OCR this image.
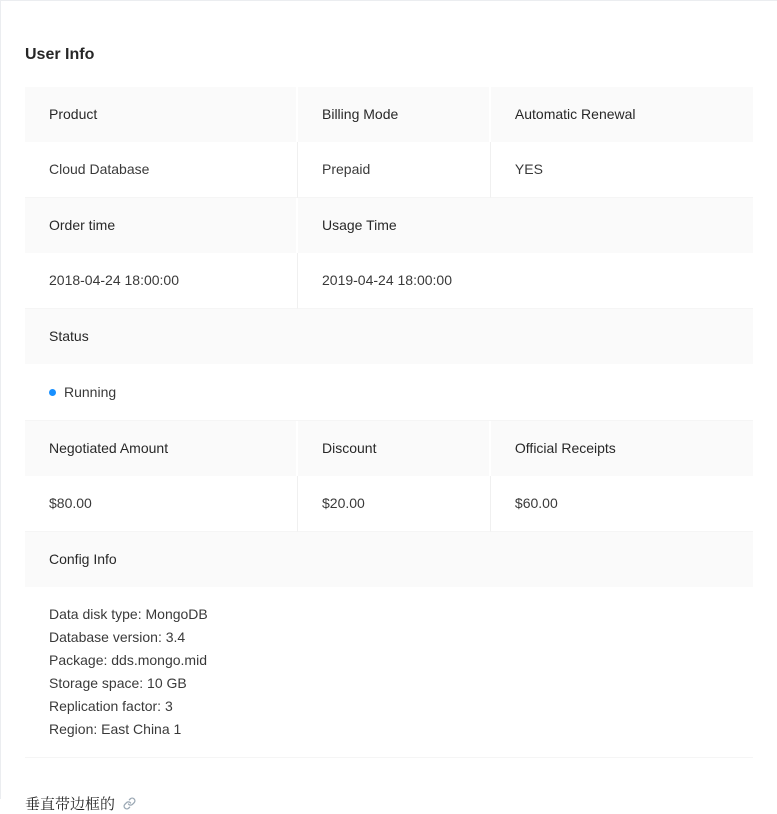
User Info
Product	Billing Mode	Automatic Renewal
Cloud Database	Prepaid	YES
Order time	Usage Time	
2018-04-24 18:00:00	2019-04-24 18:00:00	
Status		

Running		

Negotiated Amount	Discount	Official Receipts
$80.00	$20.00	$60.00
Config Info		

Data disk type: MongoDB
Database version: 3.4
Package: dds.mongo.mid
Storage space: 10 GB
Replication factor: 3
Region: East China 1
垂直带边框的
